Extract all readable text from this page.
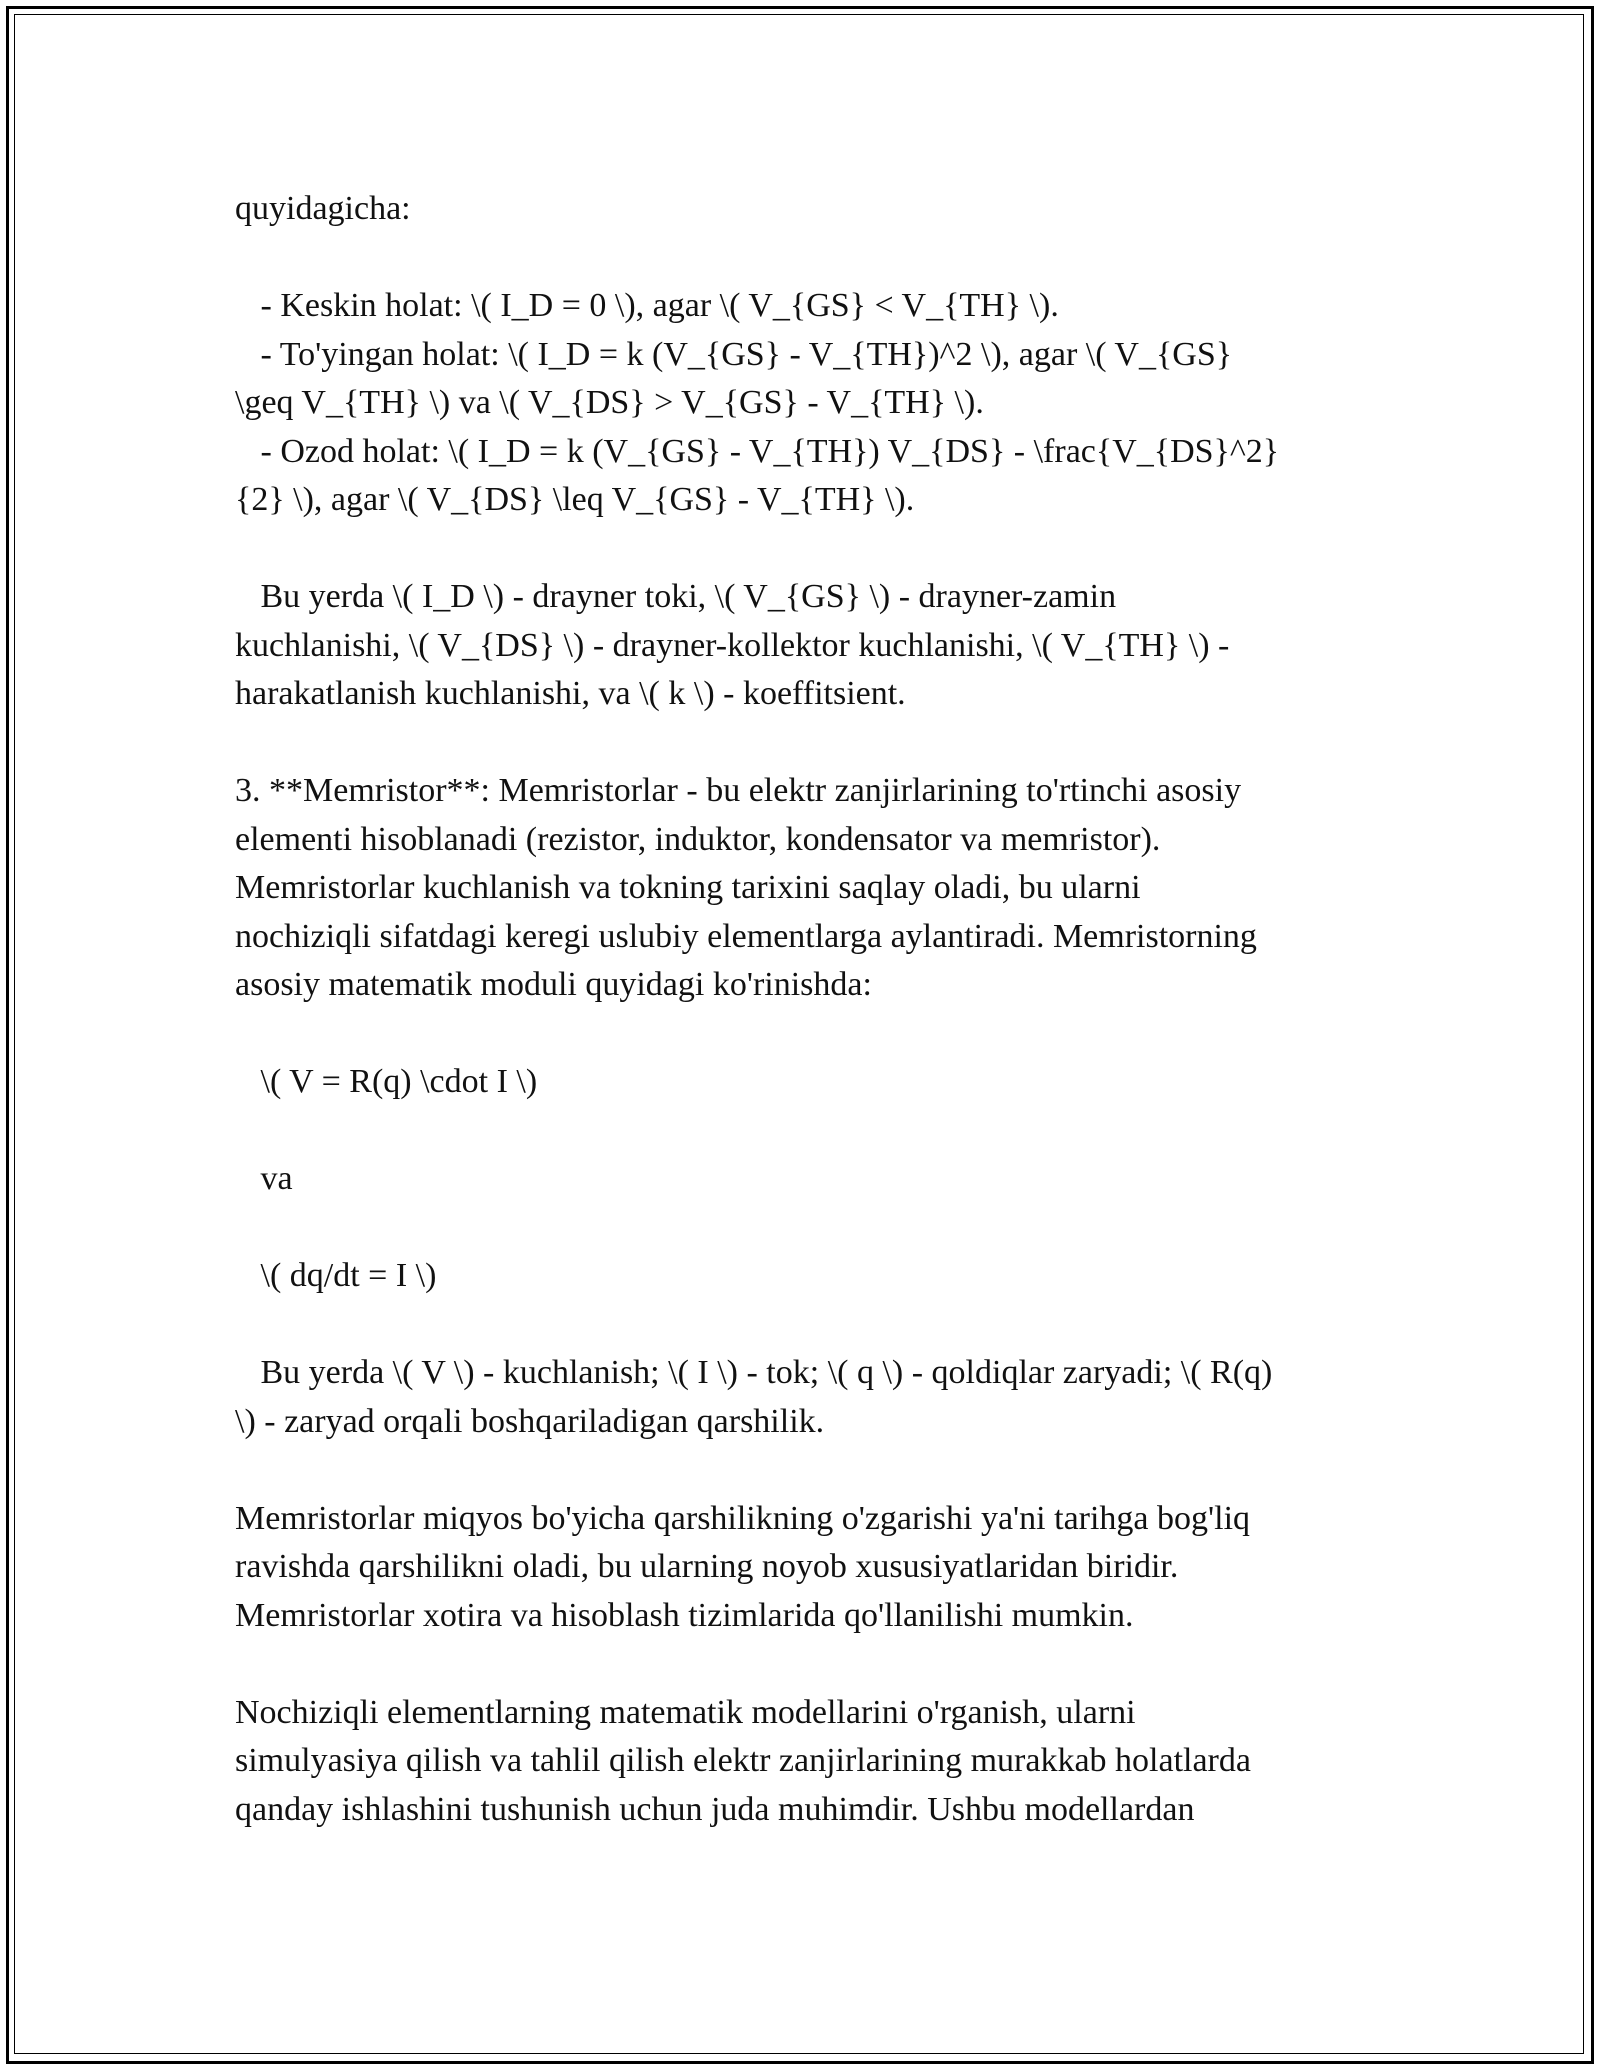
quyidagicha:
- Keskin holat: \( I_D = 0 \), agar \( V_{GS} < V_{TH} \).
- To'yingan holat: \( I_D = k (V_{GS} - V_{TH})^2 \), agar \( V_{GS}
\geq V_{TH} \) va \( V_{DS} > V_{GS} - V_{TH} \).
- Ozod holat: \( I_D = k (V_{GS} - V_{TH}) V_{DS} - \frac{V_{DS}^2}
{2} \), agar \( V_{DS} \leq V_{GS} - V_{TH} \).
Bu yerda \( I_D \) - drayner toki, \( V_{GS} \) - drayner-zamin
kuchlanishi, \( V_{DS} \) - drayner-kollektor kuchlanishi, \( V_{TH} \) -
harakatlanish kuchlanishi, va \( k \) - koeffitsient.
3. **Memristor**: Memristorlar - bu elektr zanjirlarining to'rtinchi asosiy
elementi hisoblanadi (rezistor, induktor, kondensator va memristor).
Memristorlar kuchlanish va tokning tarixini saqlay oladi, bu ularni
nochiziqli sifatdagi keregi uslubiy elementlarga aylantiradi. Memristorning
asosiy matematik moduli quyidagi ko'rinishda:
\( V = R(q) \cdot I \)
va
\( dq/dt = I \)
Bu yerda \( V \) - kuchlanish; \( I \) - tok; \( q \) - qoldiqlar zaryadi; \( R(q)
\) - zaryad orqali boshqariladigan qarshilik.
Memristorlar miqyos bo'yicha qarshilikning o'zgarishi ya'ni tarihga bog'liq
ravishda qarshilikni oladi, bu ularning noyob xususiyatlaridan biridir.
Memristorlar xotira va hisoblash tizimlarida qo'llanilishi mumkin.
Nochiziqli elementlarning matematik modellarini o'rganish, ularni
simulyasiya qilish va tahlil qilish elektr zanjirlarining murakkab holatlarda
qanday ishlashini tushunish uchun juda muhimdir. Ushbu modellardan
